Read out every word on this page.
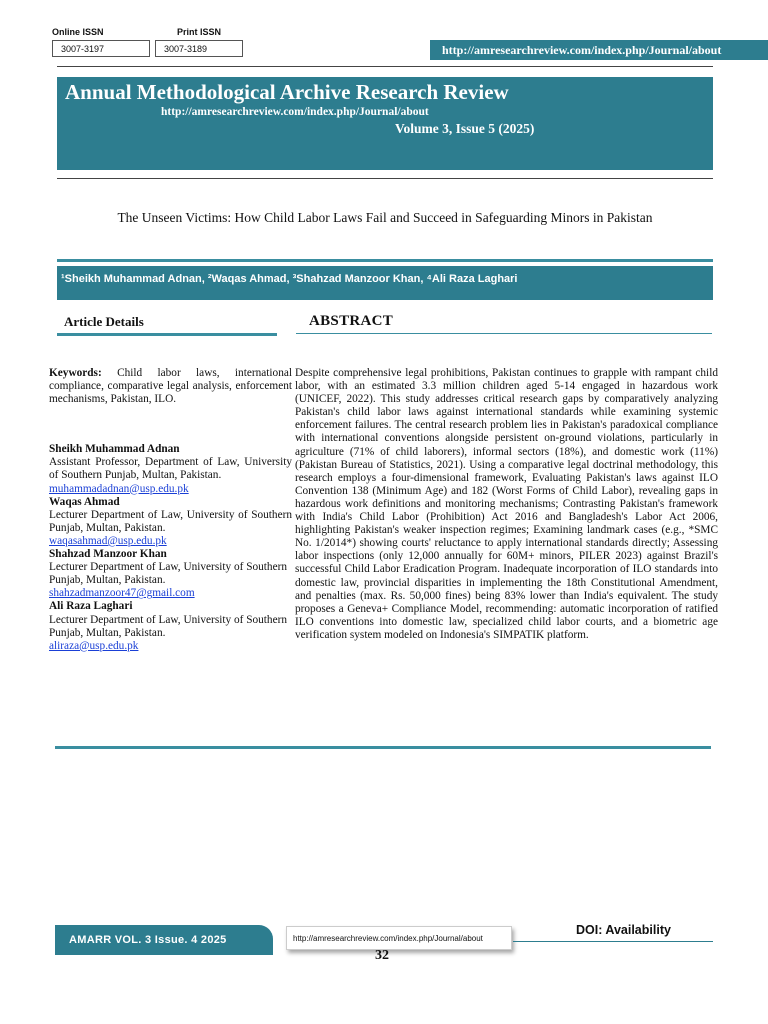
Online ISSN
3007-3197
Print ISSN
3007-3189	http://amresearchreview.com/index.php/Journal/about
Annual Methodological Archive Research Review
http://amresearchreview.com/index.php/Journal/about
Volume 3, Issue 5 (2025)
The Unseen Victims: How Child Labor Laws Fail and Succeed in Safeguarding Minors in Pakistan
¹Sheikh Muhammad Adnan, ²Waqas Ahmad, ³Shahzad Manzoor Khan, ⁴Ali Raza Laghari
Article Details	ABSTRACT

Keywords: Child labor laws, international compliance, comparative legal analysis, enforcement mechanisms, Pakistan, ILO.

Sheikh Muhammad Adnan

Assistant Professor, Department of Law, University of Southern Punjab, Multan, Pakistan.

muhammadadnan@usp.edu.pk

Waqas Ahmad

Lecturer Department of Law, University of Southern Punjab, Multan, Pakistan.

waqasahmad@usp.edu.pk

Shahzad Manzoor Khan

Lecturer Department of Law, University of Southern Punjab, Multan, Pakistan.

shahzadmanzoor47@gmail.com

Ali Raza Laghari

Lecturer Department of Law, University of Southern Punjab, Multan, Pakistan.

aliraza@usp.edu.pk

Despite comprehensive legal prohibitions, Pakistan continues to grapple with rampant child labor, with an estimated 3.3 million children aged 5-14 engaged in hazardous work (UNICEF, 2022). This study addresses critical research gaps by comparatively analyzing Pakistan's child labor laws against international standards while examining systemic enforcement failures. The central research problem lies in Pakistan's paradoxical compliance with international conventions alongside persistent on-ground violations, particularly in agriculture (71% of child laborers), informal sectors (18%), and domestic work (11%) (Pakistan Bureau of Statistics, 2021). Using a comparative legal doctrinal methodology, this research employs a four-dimensional framework, Evaluating Pakistan's laws against ILO Convention 138 (Minimum Age) and 182 (Worst Forms of Child Labor), revealing gaps in hazardous work definitions and monitoring mechanisms; Contrasting Pakistan's framework with India's Child Labor (Prohibition) Act 2016 and Bangladesh's Labor Act 2006, highlighting Pakistan's weaker inspection regimes; Examining landmark cases (e.g., *SMC No. 1/2014*) showing courts' reluctance to apply international standards directly; Assessing labor inspections (only 12,000 annually for 60M+ minors, PILER 2023) against Brazil's successful Child Labor Eradication Program. Inadequate incorporation of ILO standards into domestic law, provincial disparities in implementing the 18th Constitutional Amendment, and penalties (max. Rs. 50,000 fines) being 83% lower than India's equivalent. The study proposes a Geneva+ Compliance Model, recommending: automatic incorporation of ratified ILO conventions into domestic law, specialized child labor courts, and a biometric age verification system modeled on Indonesia's SIMPATIK platform.
AMARR VOL. 3 Issue. 4 2025	http://amresearchreview.com/index.php/Journal/about
DOI: Availability
32
